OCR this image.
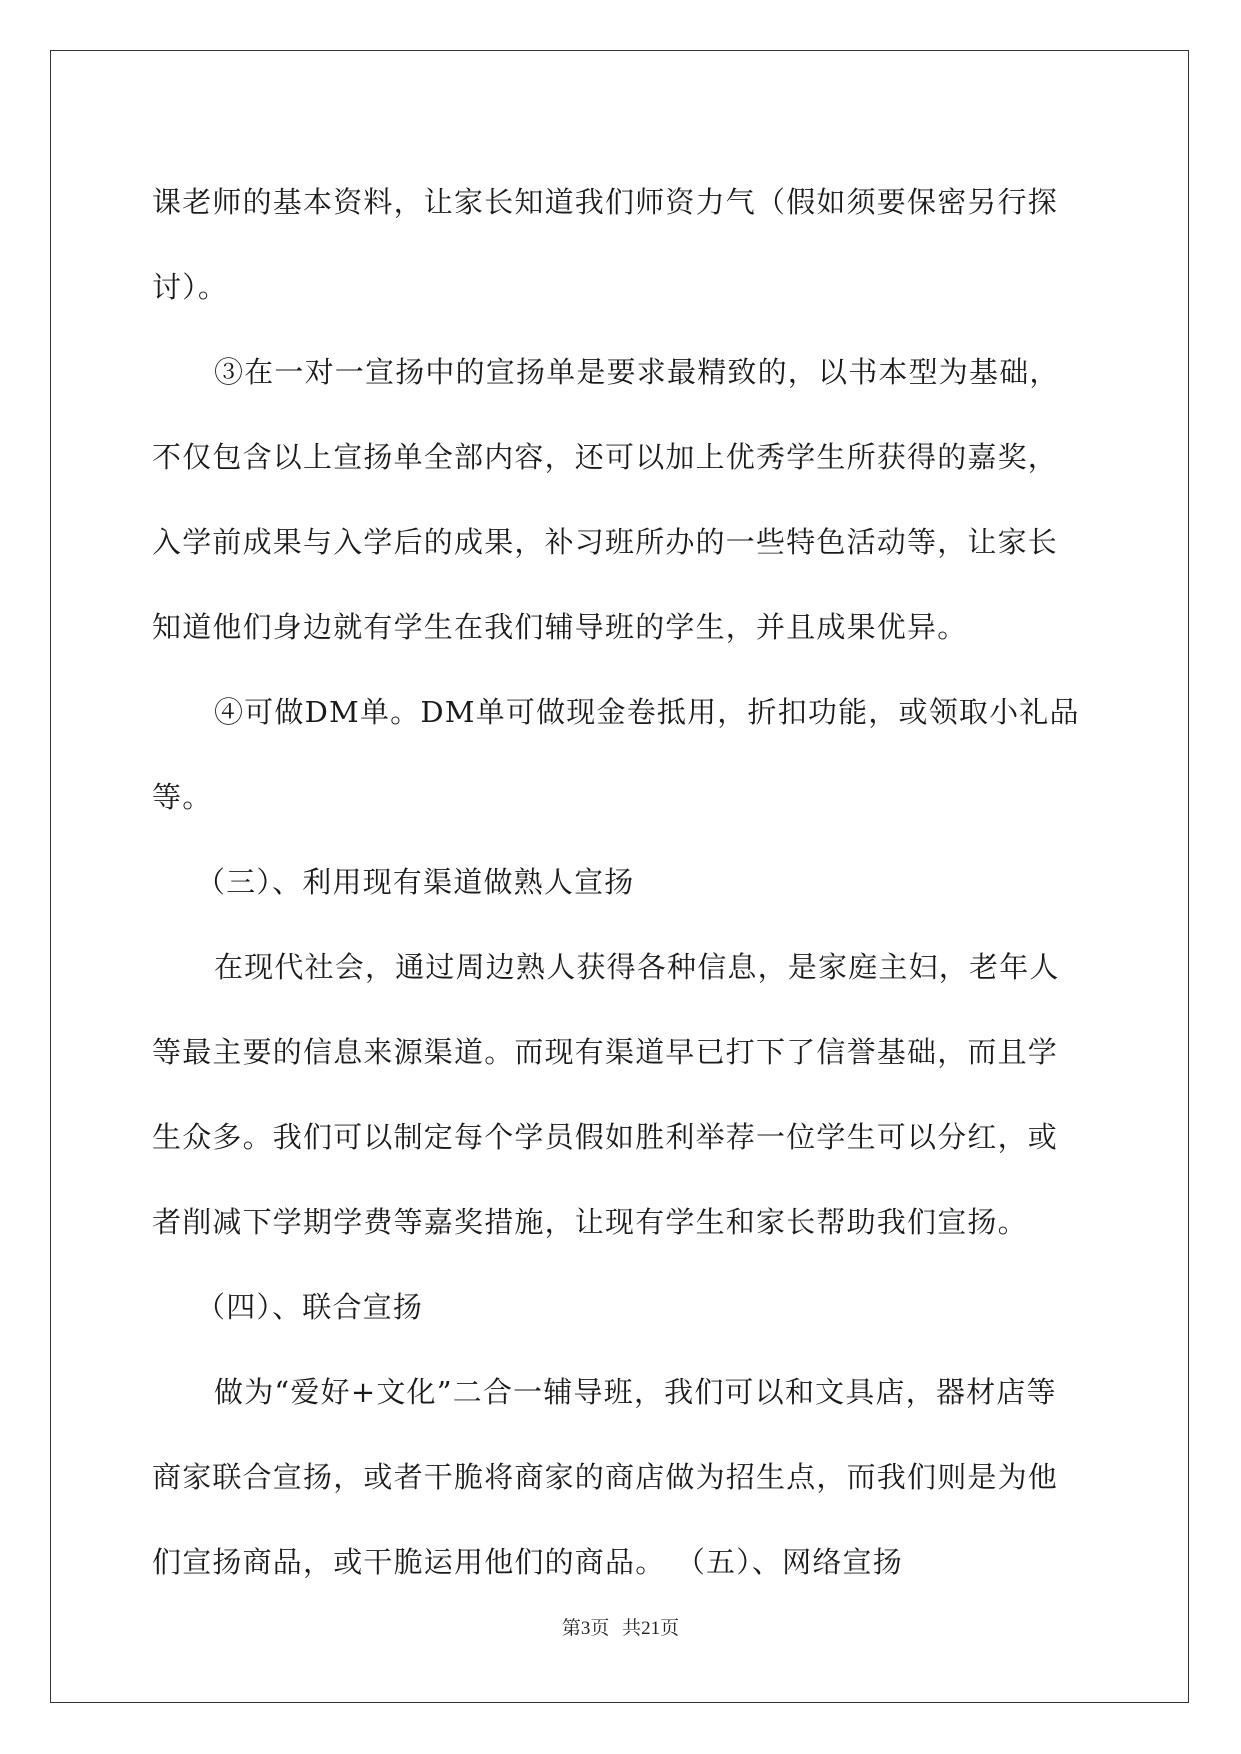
课老师的基本资料，让家长知道我们师资力气（假如须要保密另行探
讨）。
③在一对一宣扬中的宣扬单是要求最精致的，以书本型为基础，
不仅包含以上宣扬单全部内容，还可以加上优秀学生所获得的嘉奖，
入学前成果与入学后的成果，补习班所办的一些特色活动等，让家长
知道他们身边就有学生在我们辅导班的学生，并且成果优异。
④可做DM单。DM单可做现金卷抵用，折扣功能，或领取小礼品
等。
（三）、利用现有渠道做熟人宣扬
在现代社会，通过周边熟人获得各种信息，是家庭主妇，老年人
等最主要的信息来源渠道。而现有渠道早已打下了信誉基础，而且学
生众多。我们可以制定每个学员假如胜利举荐一位学生可以分红，或
者削减下学期学费等嘉奖措施，让现有学生和家长帮助我们宣扬。
（四）、联合宣扬
做为“爱好+文化”二合一辅导班，我们可以和文具店，器材店等
商家联合宣扬，或者干脆将商家的商店做为招生点，而我们则是为他
们宣扬商品，或干脆运用他们的商品。 （五）、网络宣扬
第3页 共21页
